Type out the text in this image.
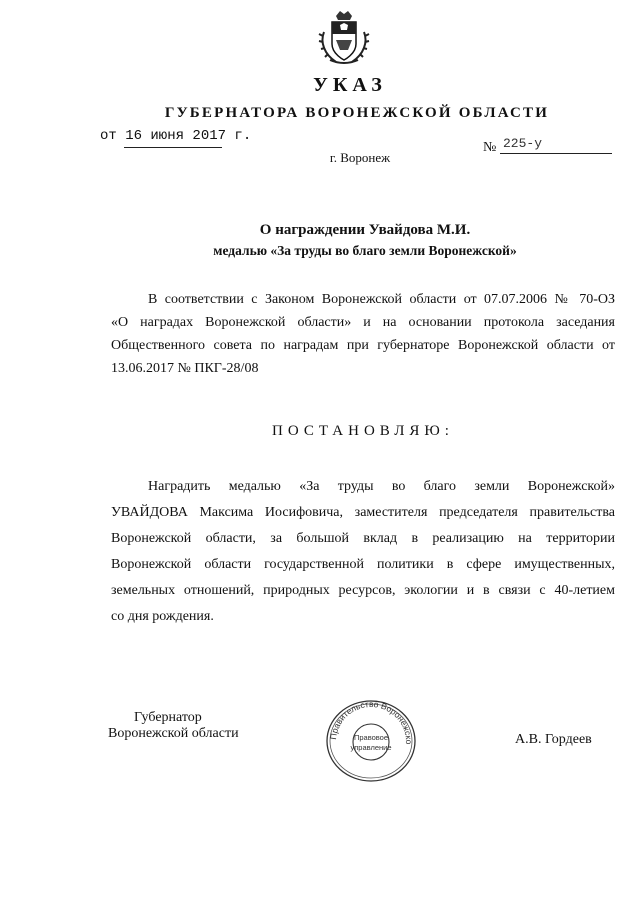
УКАЗ
ГУБЕРНАТОРА ВОРОНЕЖСКОЙ ОБЛАСТИ
от 16 июня 2017 г.
№ 225-у
г. Воронеж
О награждении Увайдова М.И.
медалью «За труды во благо земли Воронежской»
В соответствии с Законом Воронежской области от 07.07.2006 № 70-ОЗ
«О наградах Воронежской области» и на основании протокола заседания
Общественного совета по наградам при губернаторе Воронежской области от
13.06.2017 № ПКГ-28/08
ПОСТАНОВЛЯЮ:
Наградить медалью «За труды во благо земли Воронежской»
УВАЙДОВА Максима Иосифовича, заместителя председателя правительства
Воронежской области, за большой вклад в реализацию на территории
Воронежской области государственной политики в сфере имущественных,
земельных отношений, природных ресурсов, экологии и в связи с 40-летием
со дня рождения.
Губернатор
Воронежской области	Правительство Воронежско
Правовое
управление
А.В. Гордеев
